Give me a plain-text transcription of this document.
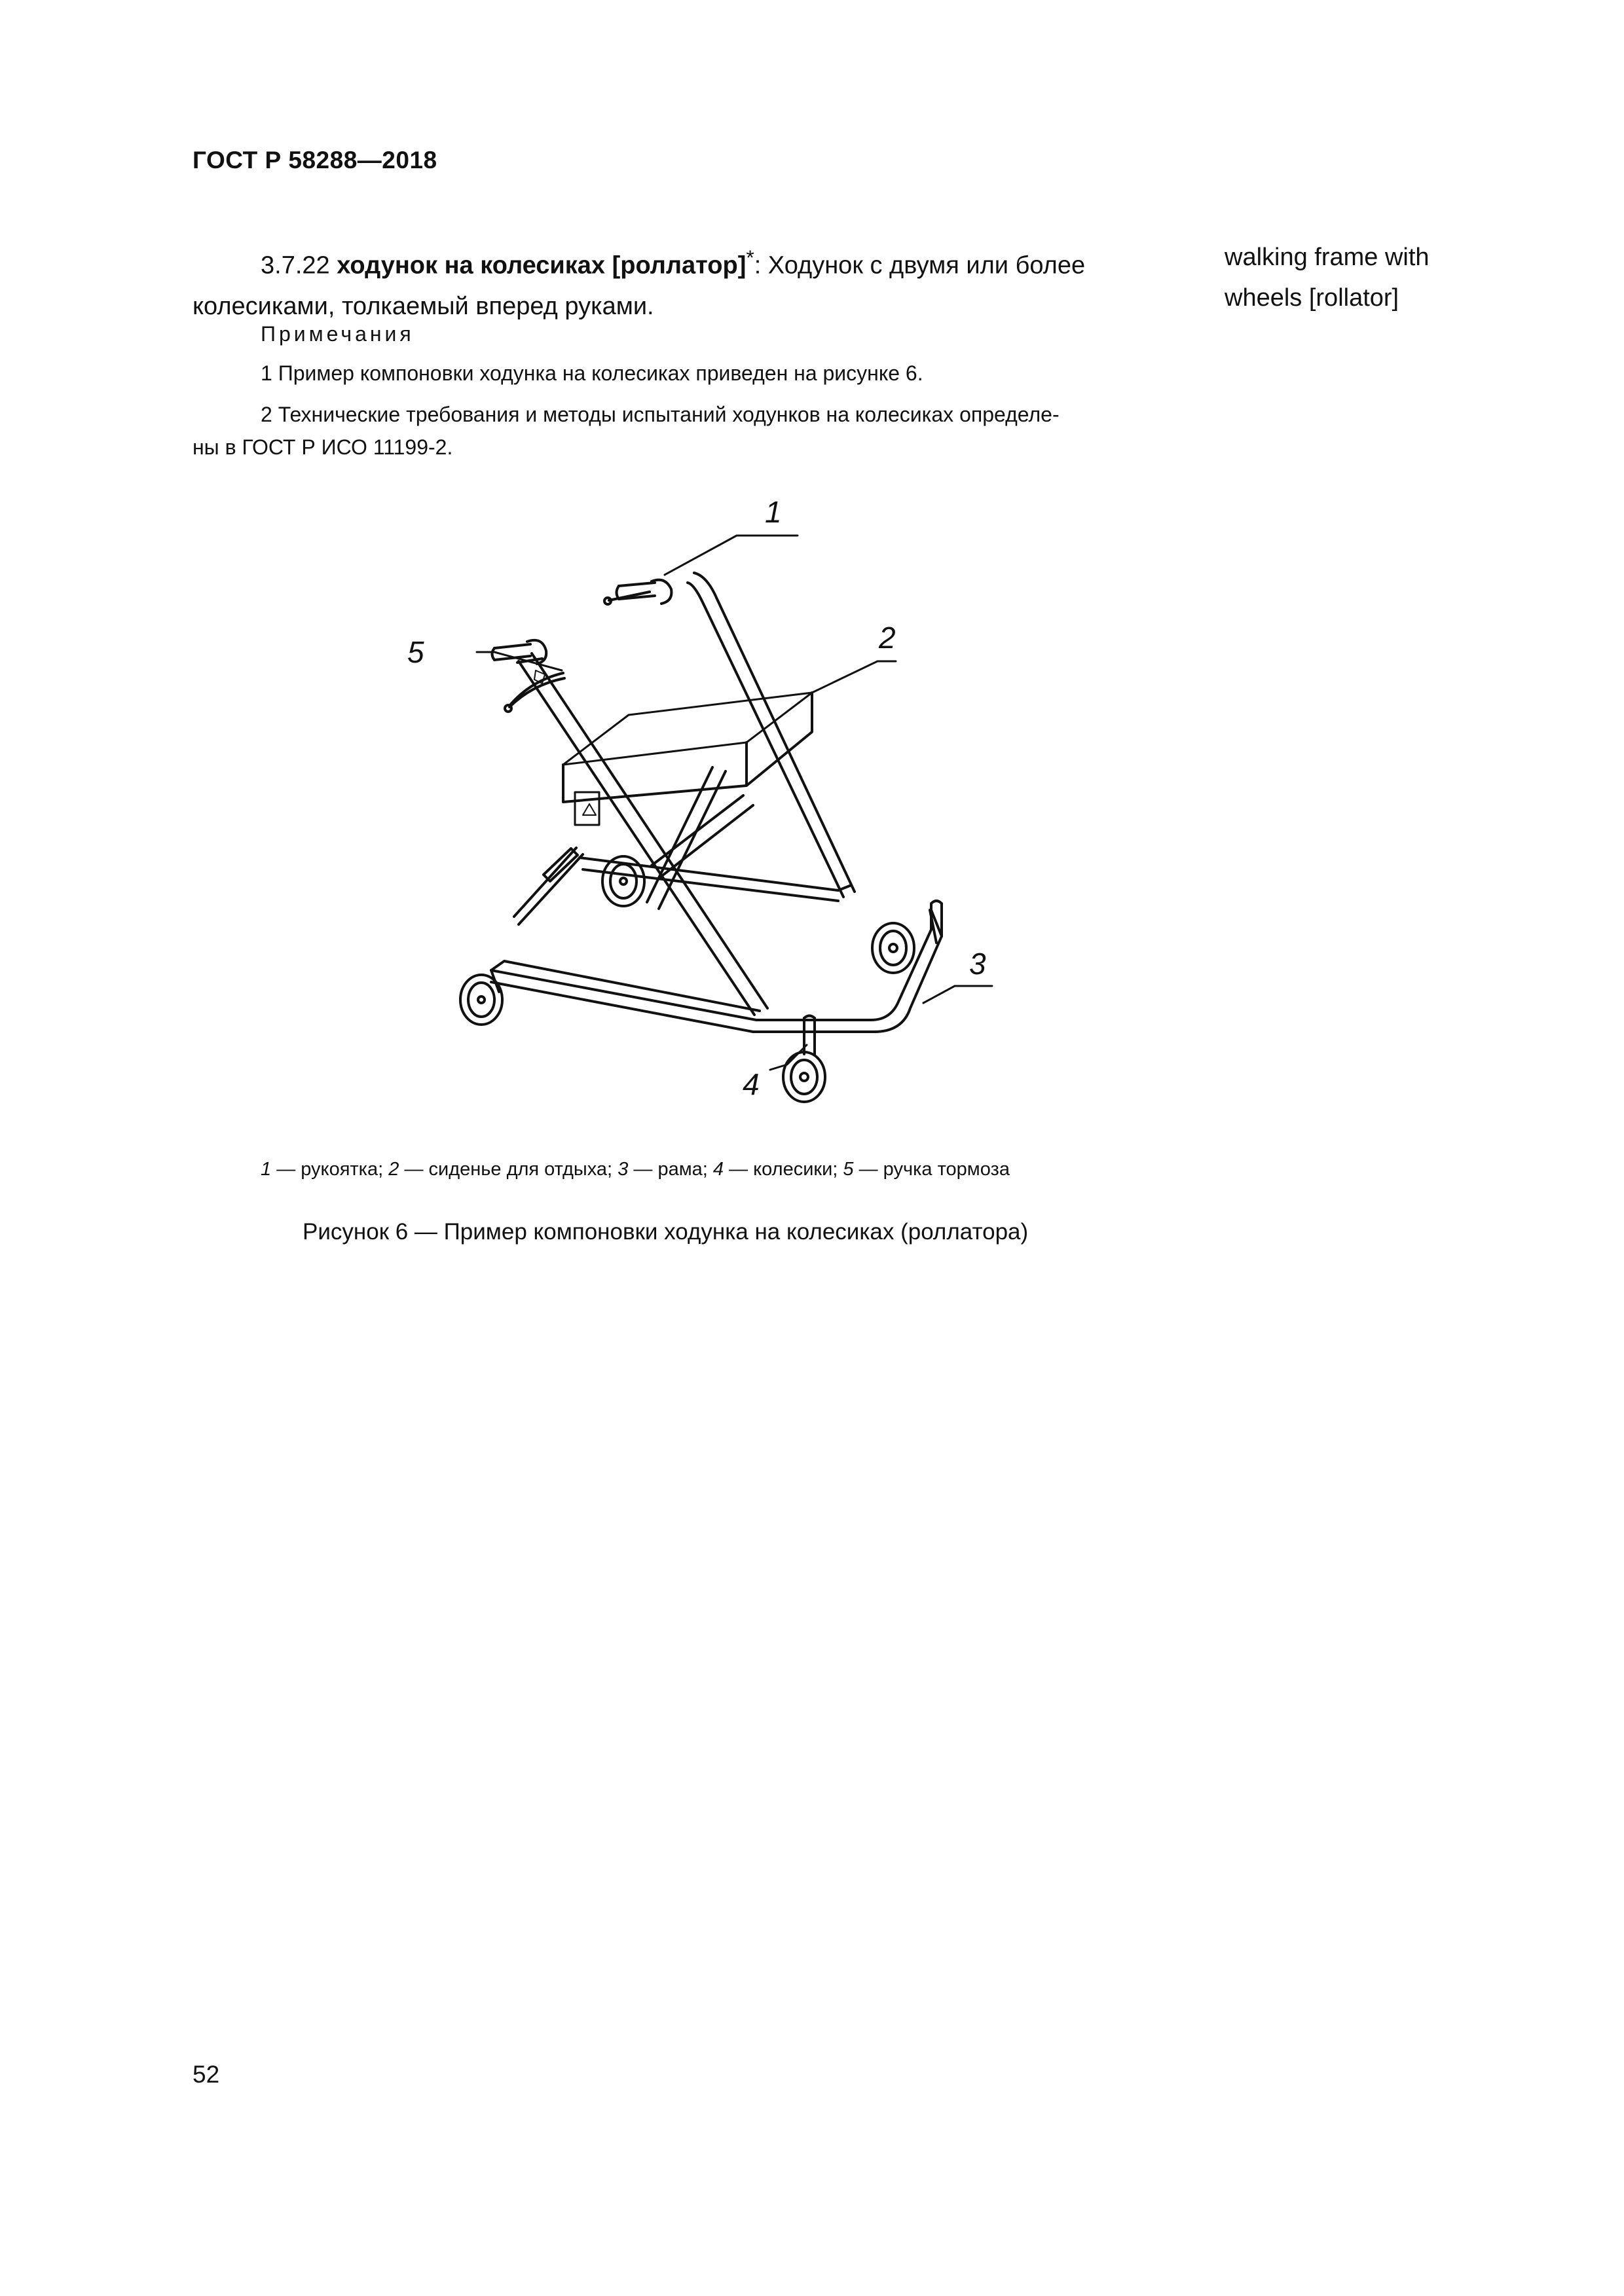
ГОСТ Р 58288—2018
3.7.22 ходунок на колесиках [роллатор]*: Ходунок с двумя или более
колесиками, толкаемый вперед руками.
walking frame with
wheels [rollator]
Примечания
1 Пример компоновки ходунка на колесиках приведен на рисунке 6.
2 Технические требования и методы испытаний ходунков на колесиках определе-
ны в ГОСТ Р ИСО 11199-2.
1
2
3
4
5
1 — рукоятка; 2 — сиденье для отдыха; 3 — рама; 4 — колесики; 5 — ручка тормоза
Рисунок 6 — Пример компоновки ходунка на колесиках (роллатора)
52
